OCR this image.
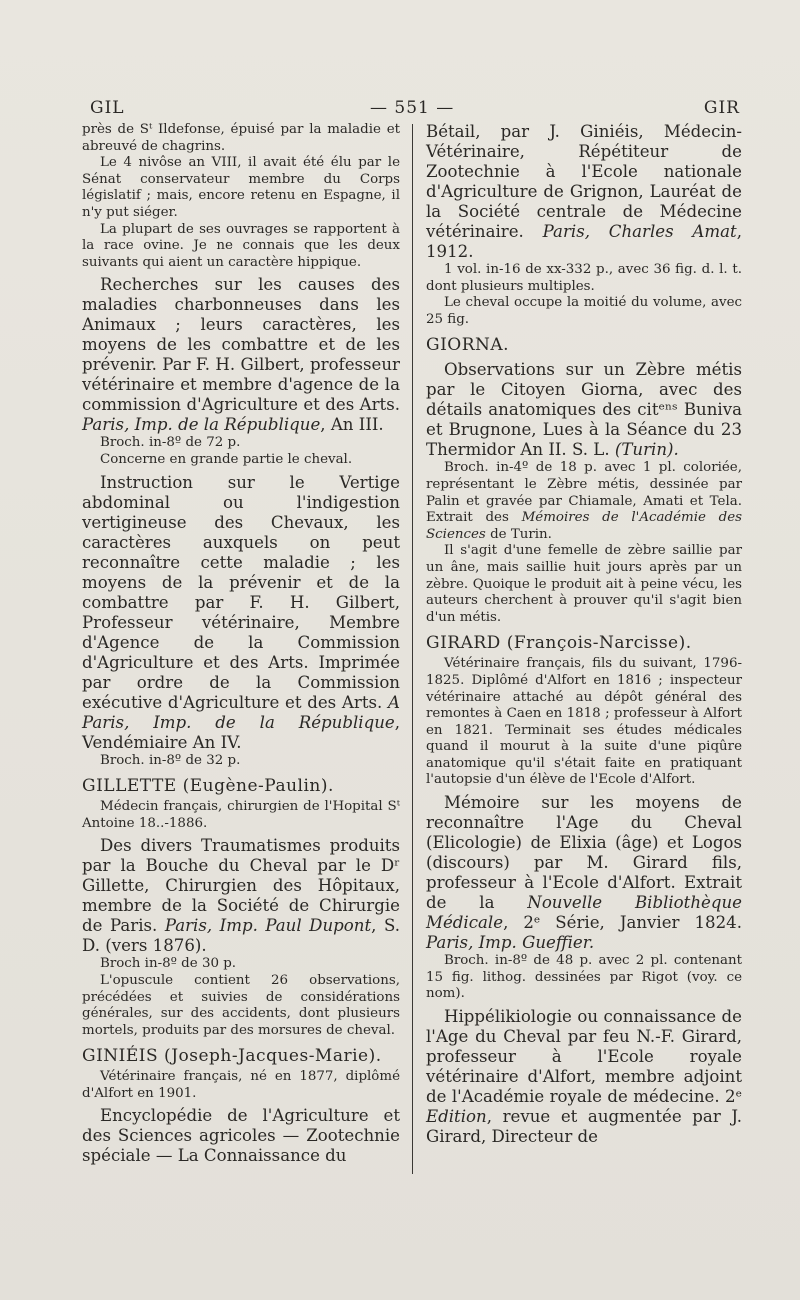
GIL	— 551 —	GIR

près de Sᵗ Ildefonse, épuisé par la maladie et abreuvé de chagrins.

Le 4 nivôse an VIII, il avait été élu par le Sénat conservateur membre du Corps législatif ; mais, encore retenu en Espagne, il n'y put siéger.

La plupart de ses ouvrages se rapportent à la race ovine. Je ne connais que les deux suivants qui aient un caractère hippique.

Recherches sur les causes des maladies charbonneuses dans les Animaux ; leurs caractères, les moyens de les combattre et de les prévenir. Par F. H. Gilbert, professeur vétérinaire et membre d'agence de la commission d'Agriculture et des Arts. Paris, Imp. de la République, An III.

Broch. in-8º de 72 p.

Concerne en grande partie le cheval.

Instruction sur le Vertige abdominal ou l'indigestion vertigineuse des Chevaux, les caractères auxquels on peut reconnaître cette maladie ; les moyens de la prévenir et de la combattre par F. H. Gilbert, Professeur vétérinaire, Membre d'Agence de la Commission d'Agriculture et des Arts. Imprimée par ordre de la Commission exécutive d'Agriculture et des Arts. A Paris, Imp. de la République, Vendémiaire An IV.

Broch. in-8º de 32 p.

GILLETTE (Eugène-Paulin).

Médecin français, chirurgien de l'Hopital Sᵗ Antoine 18..-1886.

Des divers Traumatismes produits par la Bouche du Cheval par le Dʳ Gillette, Chirurgien des Hôpitaux, membre de la Société de Chirurgie de Paris. Paris, Imp. Paul Dupont, S. D. (vers 1876).

Broch in-8º de 30 p.

L'opuscule contient 26 observations, précédées et suivies de considérations générales, sur des accidents, dont plusieurs mortels, produits par des morsures de cheval.

GINIÉIS (Joseph-Jacques-Marie).

Vétérinaire français, né en 1877, diplômé d'Alfort en 1901.

Encyclopédie de l'Agriculture et des Sciences agricoles — Zootechnie spéciale — La Connaissance du

Bétail, par J. Giniéis, Médecin-Vétérinaire, Répétiteur de Zootechnie à l'Ecole nationale d'Agriculture de Grignon, Lauréat de la Société centrale de Médecine vétérinaire. Paris, Charles Amat, 1912.

1 vol. in-16 de xx-332 p., avec 36 fig. d. l. t. dont plusieurs multiples.

Le cheval occupe la moitié du volume, avec 25 fig.

GIORNA.

Observations sur un Zèbre métis par le Citoyen Giorna, avec des détails anatomiques des citᵉⁿˢ Buniva et Brugnone, Lues à la Séance du 23 Thermidor An II. S. L. (Turin).

Broch. in-4º de 18 p. avec 1 pl. coloriée, représentant le Zèbre métis, dessinée par Palin et gravée par Chiamale, Amati et Tela. Extrait des Mémoires de l'Académie des Sciences de Turin.

Il s'agit d'une femelle de zèbre saillie par un âne, mais saillie huit jours après par un zèbre. Quoique le produit ait à peine vécu, les auteurs cherchent à prouver qu'il s'agit bien d'un métis.

GIRARD (François-Narcisse).

Vétérinaire français, fils du suivant, 1796-1825. Diplômé d'Alfort en 1816 ; inspecteur vétérinaire attaché au dépôt général des remontes à Caen en 1818 ; professeur à Alfort en 1821. Terminait ses études médicales quand il mourut à la suite d'une piqûre anatomique qu'il s'était faite en pratiquant l'autopsie d'un élève de l'Ecole d'Alfort.

Mémoire sur les moyens de reconnaître l'Age du Cheval (Elicologie) de Elixia (âge) et Logos (discours) par M. Girard fils, professeur à l'Ecole d'Alfort. Extrait de la Nouvelle Bibliothèque Médicale, 2ᵉ Série, Janvier 1824. Paris, Imp. Gueffier.

Broch. in-8º de 48 p. avec 2 pl. contenant 15 fig. lithog. dessinées par Rigot (voy. ce nom).

Hippélikiologie ou connaissance de l'Age du Cheval par feu N.-F. Girard, professeur à l'Ecole royale vétérinaire d'Alfort, membre adjoint de l'Académie royale de médecine. 2ᵉ Edition, revue et augmentée par J. Girard, Directeur de
